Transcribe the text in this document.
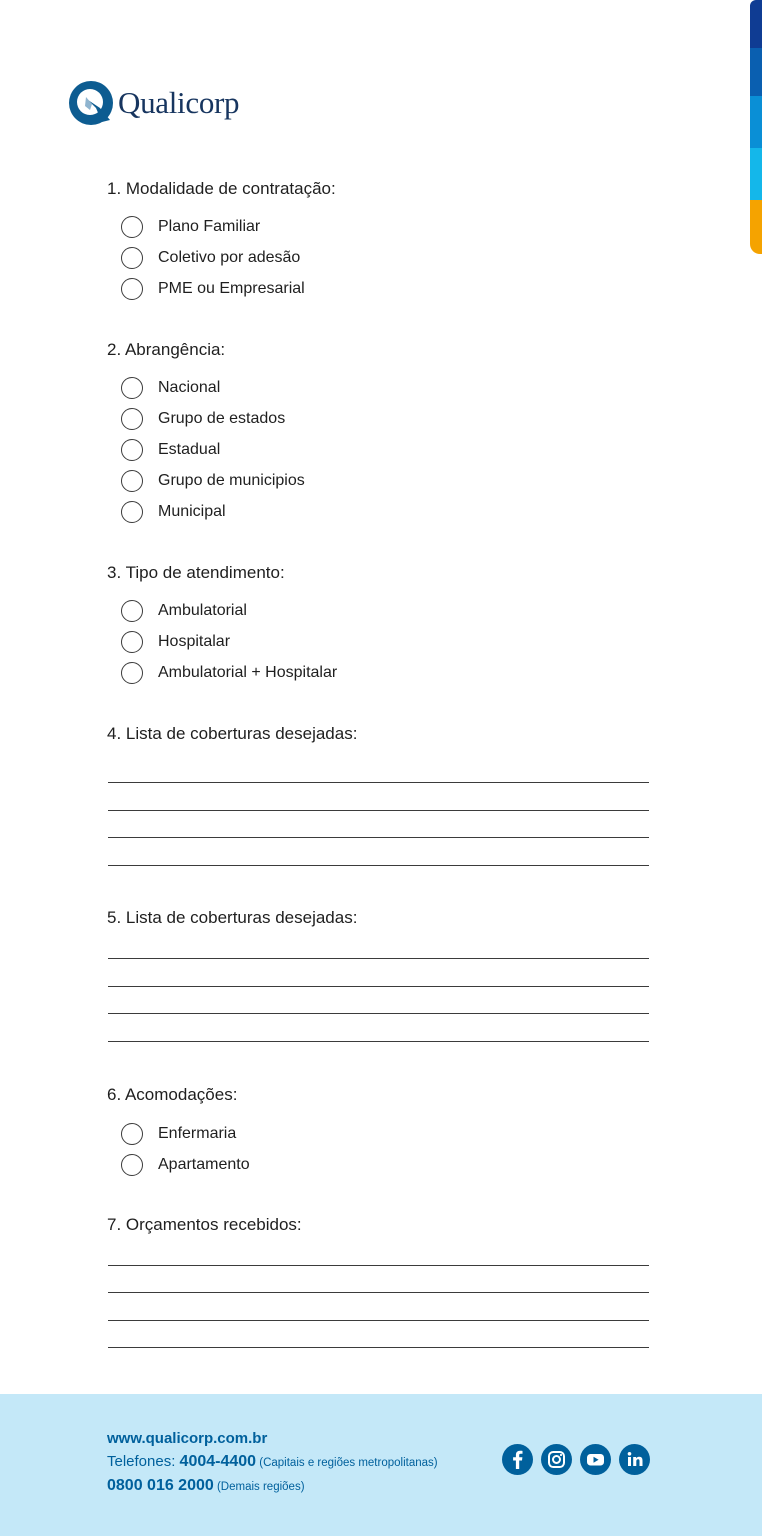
Qualicorp
1. Modalidade de contratação:
Plano Familiar
Coletivo por adesão
PME ou Empresarial
2. Abrangência:
Nacional
Grupo de estados
Estadual
Grupo de municipios
Municipal
3. Tipo de atendimento:
Ambulatorial
Hospitalar
Ambulatorial + Hospitalar
4. Lista de coberturas desejadas:
5. Lista de coberturas desejadas:
6. Acomodações:
Enfermaria
Apartamento
7. Orçamentos recebidos:
www.qualicorp.com.br
Telefones: 4004-4400 (Capitais e regiões metropolitanas)
0800 016 2000 (Demais regiões)
